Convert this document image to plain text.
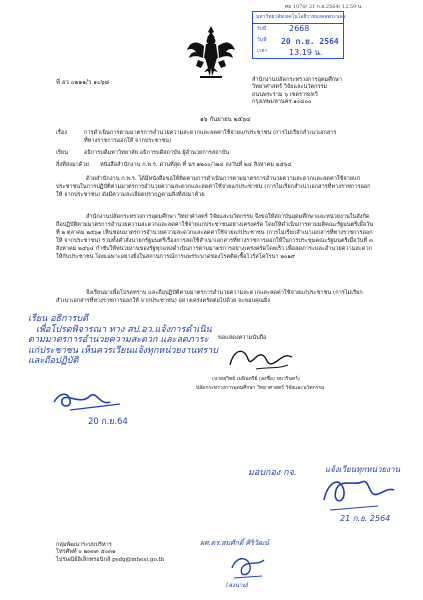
ศธ 1070/ 21 ก.ย.2564/ 12.59 น.
มหาวิทยาลัยเทคโนโลยีราชมงคลพระนคร
รับที่	2668
วันที่ 20 ก.ย. 2564
เวลา	13.19 น.
ที่ อว ๐๒๑๑/ว ๑๐๖๘	สำนักงานปลัดกระทรวงการอุดมศึกษา
วิทยาศาสตร์ วิจัยและนวัตกรรม
ถนนพระราม ๖ เขตราชเทวี
กรุงเทพมหานคร ๑๐๔๐๐
๑๖ กันยายน ๒๕๖๔
เรื่อง	การดำเนินการตามมาตรการอำนวยความสะดวกและลดค่าใช้จ่ายแก่ประชาชน (การไม่เรียกสำเนาเอกสาร
ที่ทางราชการออกให้ จากประชาชน)
เรียน	อธิการบดีมหาวิทยาลัย อธิการบดีสถาบัน ผู้อำนวยการสถาบัน
สิ่งที่ส่งมาด้วย หนังสือสำนักงาน ก.พ.ร. ด่วนที่สุด ที่ นร ๑๒๐๐/ว๒๔ ลงวันที่ ๒๔ สิงหาคม ๒๕๖๔
ด้วยสำนักงาน ก.พ.ร. ได้มีหนังสือขอให้ติดตามการดำเนินการตามมาตรการอำนวยความสะดวกและลดค่าใช้จ่ายแก่ประชาชนในการปฏิบัติตามมาตรการอำนวยความสะดวกและลดค่าใช้จ่ายแก่ประชาชน (การไม่เรียกสำเนาเอกสารที่ทางราชการออกให้ จากประชาชน) ดังมีความละเอียดปรากฏตามสิ่งที่ส่งมาด้วย
สำนักงานปลัดกระทรวงการอุดมศึกษา วิทยาศาสตร์ วิจัยและนวัตกรรม จึงขอให้สถาบันอุดมศึกษาและหน่วยงานในสังกัดถือปฏิบัติตามมาตรการอำนวยความสะดวกและลดค่าใช้จ่ายแก่ประชาชนอย่างเคร่งครัด โดยให้ดำเนินการตามมติคณะรัฐมนตรีเมื่อวันที่ ๒ ตุลาคม ๒๕๖๑ เห็นชอบมาตรการอำนวยความสะดวกและลดค่าใช้จ่ายแก่ประชาชน (การไม่เรียกสำเนาเอกสารที่ทางราชการออกให้ จากประชาชน) รวมทั้งคำสั่งนายกรัฐมนตรีเรื่องการลดใช้สำเนาเอกสารที่ทางราชการออกให้ในการประชุมคณะรัฐมนตรีเมื่อวันที่ ๓ สิงหาคม ๒๕๖๔ กำชับให้หน่วยงานของรัฐทุกแห่งดำเนินการตามมาตรการอย่างเคร่งครัดโดยเร็ว เพื่อลดภาระและอำนวยความสะดวกให้กับประชาชน โดยเฉพาะอย่างยิ่งในสถานการณ์การแพร่ระบาดของโรคติดเชื้อไวรัสโคโรนา ๒๐๑๙
จึงเรียนมาเพื่อโปรดทราบ และถือปฏิบัติตามมาตรการอำนวยความสะดวกและลดค่าใช้จ่ายแก่ประชาชน (การไม่เรียกสำเนาเอกสารที่ทางราชการออกให้ จากประชาชน) อย่างเคร่งครัดต่อไปด้วย จะขอบคุณยิ่ง
ขอแสดงความนับถือ
(นายสุวิทย์ เมษินทรีย์ (ลงชื่อ) ขบวรินทร์)
ปลัดกระทรวงการอุดมศึกษา วิทยาศาสตร์ วิจัยและนวัตกรรม
เรียน อธิการบดี
เพื่อโปรดพิจารณา ทาง สป.อว.แจ้งการดำเนิน
ตามมาตรการอำนวยความสะดวก และลดภาระ
แก่ประชาชน เห็นควรเวียนแจ้งทุกหน่วยงานทราบ
และถือปฏิบัติ
20 ก.ย.64
มอบกอง กจ.	แจ้งเวียนทุกหน่วยงาน
21 ก.ย. 2564
ผศ.ดร.สมศักดิ์ ศิริวัฒน์
(ลงนาม)
กลุ่มพัฒนาระบบบริหาร
โทรศัพท์ ๐ ๒๓๓๓ ๕๐๓๑
ไปรษณีย์อิเล็กทรอนิกส์ psdg@mhesi.go.th
